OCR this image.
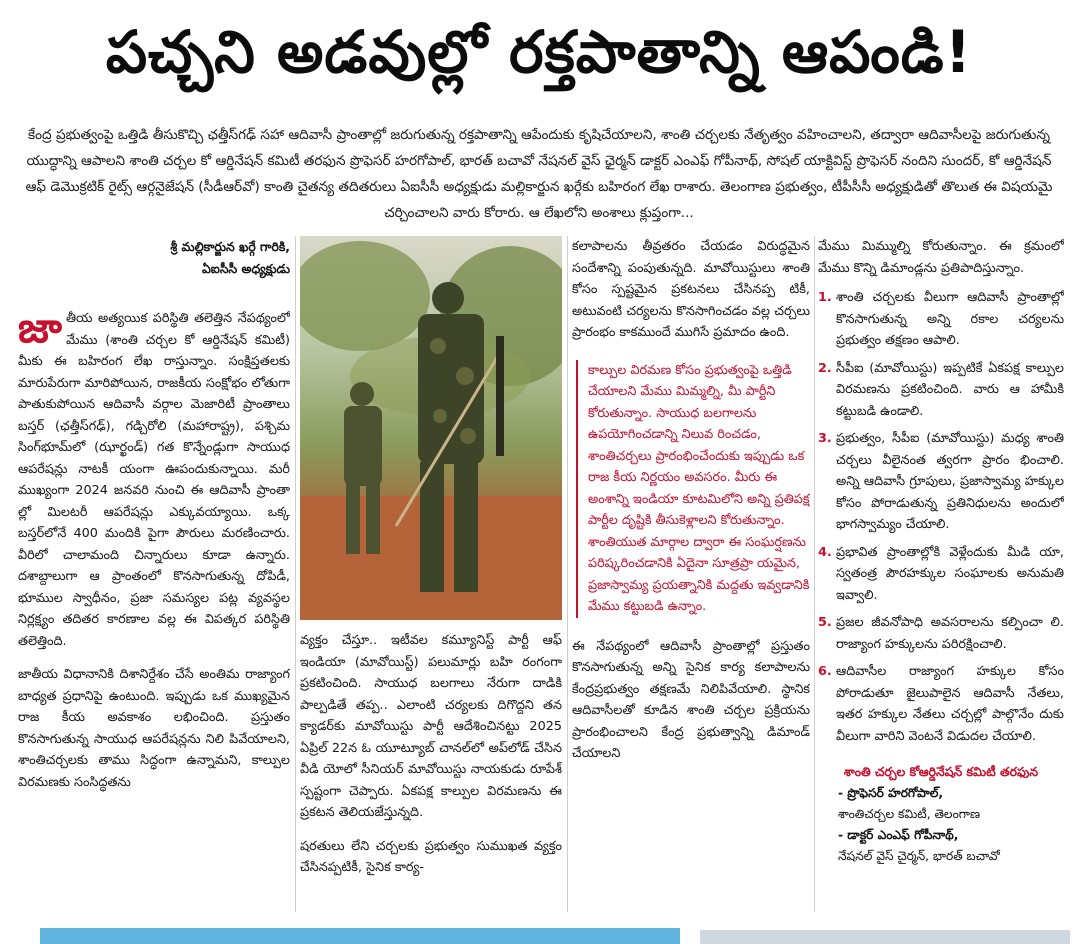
పచ్చని అడవుల్లో రక్తపాతాన్ని ఆపండి!
కేంద్ర ప్రభుత్వంపై ఒత్తిడి తీసుకొచ్చి ఛత్తీస్‌గఢ్ సహా ఆదివాసీ ప్రాంతాల్లో జరుగుతున్న రక్తపాతాన్ని ఆపేందుకు కృషిచేయాలని, శాంతి చర్చలకు నేతృత్వం వహించాలని, తద్వారా ఆదివాసీలపై జరుగుతున్న యుద్ధాన్ని ఆపాలని శాంతి చర్చల కో ఆర్డినేషన్ కమిటీ తరఫున ప్రొఫెసర్ హరగోపాల్, భారత్ బచావో నేషనల్ వైస్ ఛైర్మన్ డాక్టర్ ఎంఎఫ్ గోపీనాథ్, సోషల్ యాక్టివిస్ట్ ప్రొఫెసర్ నందిని సుందర్, కో ఆర్డినేషన్ ఆఫ్ డెమొక్రటిక్ రైట్స్ ఆర్గనైజేషన్ (సీడీఆర్‌వో) కాంతి చైతన్య తదితరులు ఏఐసీసీ అధ్యక్షుడు మల్లికార్జున ఖర్గేకు బహిరంగ లేఖ రాశారు. తెలంగాణ ప్రభుత్వం, టీపీసీసీ అధ్యక్షుడితో తొలుత ఈ విషయమై చర్చించాలని వారు కోరారు. ఆ లేఖలోని అంశాలు క్లుప్తంగా...
శ్రీ మల్లికార్జున ఖర్గే గారికి,
ఏఐసీసీ అధ్యక్షుడు
జాతీయ అత్యయిక పరిస్థితి తలెత్తిన నేపథ్యంలో మేము (శాంతి చర్చల కో ఆర్డినేషన్ కమిటీ) మీకు ఈ బహిరంగ లేఖ రాస్తున్నాం. సంక్షిప్తతలకు మారుపేరుగా మారిపోయిన, రాజకీయ సంక్షోభం లోతుగా పాతుకుపోయిన ఆదివాసీ వర్గాల మెజారిటీ ప్రాంతాలు బస్తర్ (ఛత్తీస్‌గఢ్), గడ్చిరోలి (మహారాష్ట్ర), పశ్చిమ సింగ్‌భూమ్‌లో (ఝార్ఖండ్) గత కొన్నేండ్లుగా సాయుధ ఆపరేషన్లు నాటకీ యంగా ఊపందుకున్నాయి. మరీ ముఖ్యంగా 2024 జనవరి నుంచి ఈ ఆదివాసీ ప్రాంతా ల్లో మిలటరీ ఆపరేషన్లు ఎక్కువయ్యాయి. ఒక్క బస్తర్‌లోనే 400 మందికి పైగా పౌరులు మరణించారు. వీరిలో చాలామంది చిన్నారులు కూడా ఉన్నారు. దశాబ్దాలుగా ఆ ప్రాంతంలో కొనసాగుతున్న దోపిడీ, భూముల స్వాధీనం, ప్రజా సమస్యల పట్ల వ్యవస్థల నిర్లక్ష్యం తదితర కారణాల వల్ల ఈ విపత్కర పరిస్థితి తలెత్తింది.
జాతీయ విధానానికి దిశానిర్దేశం చేసే అంతిమ రాజ్యాంగ బాధ్యత ప్రధానిపై ఉంటుంది. ఇప్పుడు ఒక ముఖ్యమైన రాజ కీయ అవకాశం లభించింది. ప్రస్తుతం కొనసాగుతున్న సాయుధ ఆపరేషన్లను నిలి పివేయాలని, శాంతిచర్చలకు తాము సిద్ధంగా ఉన్నామని, కాల్పుల విరమణకు సంసిద్ధతను
వ్యక్తం చేస్తూ.. ఇటీవల కమ్యూనిస్ట్ పార్టీ ఆఫ్ ఇండియా (మావోయిస్ట్) పలుమార్లు బహి రంగంగా ప్రకటించింది. సాయుధ బలగాలు నేరుగా దాడికి పాల్పడితే తప్ప.. ఎలాంటి చర్యలకు దిగొద్దని తన క్యాడర్‌కు మావోయిస్టు పార్టీ ఆదేశించినట్టు 2025 ఏప్రిల్ 22న ఓ యూట్యూబ్ చానల్‌లో అప్‌లోడ్ చేసిన వీడి యోలో సీనియర్ మావోయిస్టు నాయకుడు రూపేశ్ స్పష్టంగా చెప్పారు. ఏకపక్ష కాల్పుల విరమణను ఈ ప్రకటన తెలియజేస్తున్నది.
షరతులు లేని చర్చలకు ప్రభుత్వం సుముఖత వ్యక్తం చేసినప్పటికీ, సైనిక కార్య-
కలాపాలను తీవ్రతరం చేయడం విరుద్ధమైన సందేశాన్ని పంపుతున్నది. మావోయిస్టులు శాంతి కోసం స్పష్టమైన ప్రకటనలు చేసినప్ప టికీ, అటువంటి చర్యలను కొనసాగించడం వల్ల చర్చలు ప్రారంభం కాకముందే ముగిసే ప్రమాదం ఉంది.
కాల్పుల విరమణ కోసం ప్రభుత్వంపై ఒత్తిడి చేయాలని మేము మిమ్మల్ని, మీ పార్టీని కోరుతున్నాం. సాయుధ బలగాలను ఉపయోగించడాన్ని నిలువ రించడం, శాంతిచర్చలు ప్రారంభించేందుకు ఇప్పుడు ఒక రాజ కీయ నిర్ణయం అవసరం. మీరు ఈ అంశాన్ని ఇండియా కూటమిలోని అన్ని ప్రతిపక్ష పార్టీల దృష్టికి తీసుకెళ్లాలని కోరుతున్నాం. శాంతియుత మార్గాల ద్వారా ఈ సంఘర్షణను పరిష్కరించడానికి ఏదైనా సూత్రప్రా యమైన, ప్రజాస్వామ్య ప్రయత్నానికి మద్దతు ఇవ్వడానికి మేము కట్టుబడి ఉన్నాం.
ఈ నేపథ్యంలో ఆదివాసీ ప్రాంతాల్లో ప్రస్తుతం కొనసాగుతున్న అన్ని సైనిక కార్య కలాపాలను కేంద్రప్రభుత్వం తక్షణమే నిలిపివేయాలి. స్థానిక ఆదివాసీలతో కూడిన శాంతి చర్చల ప్రక్రియను ప్రారంభించాలని కేంద్ర ప్రభుత్వాన్ని డిమాండ్ చేయాలని
మేము మిమ్ముల్ని కోరుతున్నాం. ఈ క్రమంలో మేము కొన్ని డిమాండ్లను ప్రతిపాదిస్తున్నాం.
1. శాంతి చర్చలకు వీలుగా ఆదివాసీ ప్రాంతాల్లో కొనసాగుతున్న అన్ని రకాల చర్యలను ప్రభుత్వం తక్షణం ఆపాలి.
2. సీపీఐ (మావోయిస్టు) ఇప్పటికే ఏకపక్ష కాల్పుల విరమణను ప్రకటించింది. వారు ఆ హామీకి కట్టుబడి ఉండాలి.
3. ప్రభుత్వం, సీపీఐ (మావోయిస్టు) మధ్య శాంతి చర్చలు వీలైనంత త్వరగా ప్రారం భించాలి. అన్ని ఆదివాసీ గ్రూపులు, ప్రజాస్వామ్య హక్కుల కోసం పోరాడుతున్న ప్రతినిధులను అందులో భాగస్వామ్యం చేయాలి.
4. ప్రభావిత ప్రాంతాల్లోకి వెళ్లేందుకు మీడి యా, స్వతంత్ర పౌరహక్కుల సంఘాలకు అనుమతి ఇవ్వాలి.
5. ప్రజల జీవనోపాధి అవసరాలను కల్పించా లి. రాజ్యాంగ హక్కులను పరిరక్షించాలి.
6. ఆదివాసీల రాజ్యాంగ హక్కుల కోసం పోరాడుతూ జైలుపాలైన ఆదివాసీ నేతలు, ఇతర హక్కుల నేతలు చర్చల్లో పాల్గొనేం దుకు వీలుగా వారిని వెంటనే విడుదల చేయాలి.
శాంతి చర్చల కోఆర్డినేషన్ కమిటీ తరఫున
- ప్రొఫెసర్ హరగోపాల్,
శాంతిచర్చల కమిటీ, తెలంగాణ
- డాక్టర్ ఎంఎఫ్ గోపీనాథ్,
నేషనల్ వైస్ చైర్మన్, భారత్ బచావో
